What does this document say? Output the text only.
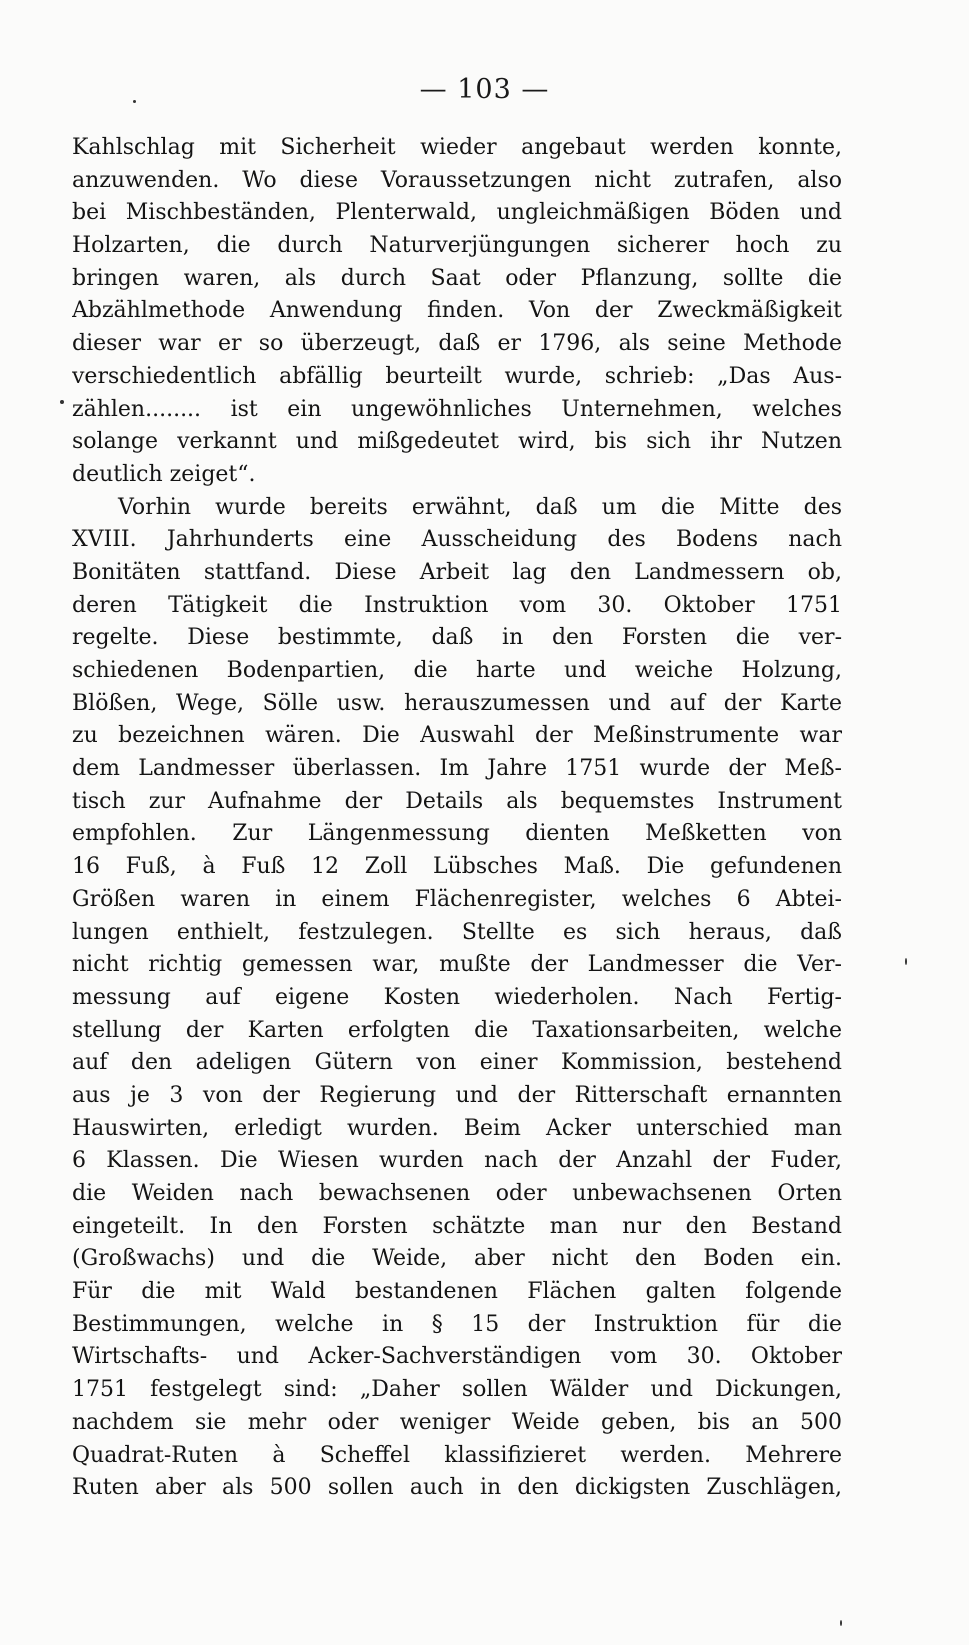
— 103 —
Kahlschlag mit Sicherheit wieder angebaut werden konnte,
anzuwenden. Wo diese Voraussetzungen nicht zutrafen, also
bei Mischbeständen, Plenterwald, ungleichmäßigen Böden und
Holzarten, die durch Naturverjüngungen sicherer hoch zu
bringen waren, als durch Saat oder Pflanzung, sollte die
Abzählmethode Anwendung finden. Von der Zweckmäßigkeit
dieser war er so überzeugt, daß er 1796, als seine Methode
verschiedentlich abfällig beurteilt wurde, schrieb: „Das Aus-
zählen........ ist ein ungewöhnliches Unternehmen, welches
solange verkannt und mißgedeutet wird, bis sich ihr Nutzen
deutlich zeiget“.
Vorhin wurde bereits erwähnt, daß um die Mitte des
XVIII. Jahrhunderts eine Ausscheidung des Bodens nach
Bonitäten stattfand. Diese Arbeit lag den Landmessern ob,
deren Tätigkeit die Instruktion vom 30. Oktober 1751
regelte. Diese bestimmte, daß in den Forsten die ver-
schiedenen Bodenpartien, die harte und weiche Holzung,
Blößen, Wege, Sölle usw. herauszumessen und auf der Karte
zu bezeichnen wären. Die Auswahl der Meßinstrumente war
dem Landmesser überlassen. Im Jahre 1751 wurde der Meß-
tisch zur Aufnahme der Details als bequemstes Instrument
empfohlen. Zur Längenmessung dienten Meßketten von
16 Fuß, à Fuß 12 Zoll Lübsches Maß. Die gefundenen
Größen waren in einem Flächenregister, welches 6 Abtei-
lungen enthielt, festzulegen. Stellte es sich heraus, daß
nicht richtig gemessen war, mußte der Landmesser die Ver-
messung auf eigene Kosten wiederholen. Nach Fertig-
stellung der Karten erfolgten die Taxationsarbeiten, welche
auf den adeligen Gütern von einer Kommission, bestehend
aus je 3 von der Regierung und der Ritterschaft ernannten
Hauswirten, erledigt wurden. Beim Acker unterschied man
6 Klassen. Die Wiesen wurden nach der Anzahl der Fuder,
die Weiden nach bewachsenen oder unbewachsenen Orten
eingeteilt. In den Forsten schätzte man nur den Bestand
(Großwachs) und die Weide, aber nicht den Boden ein.
Für die mit Wald bestandenen Flächen galten folgende
Bestimmungen, welche in § 15 der Instruktion für die
Wirtschafts- und Acker-Sachverständigen vom 30. Oktober
1751 festgelegt sind: „Daher sollen Wälder und Dickungen,
nachdem sie mehr oder weniger Weide geben, bis an 500
Quadrat-Ruten à Scheffel klassifizieret werden. Mehrere
Ruten aber als 500 sollen auch in den dickigsten Zuschlägen,
